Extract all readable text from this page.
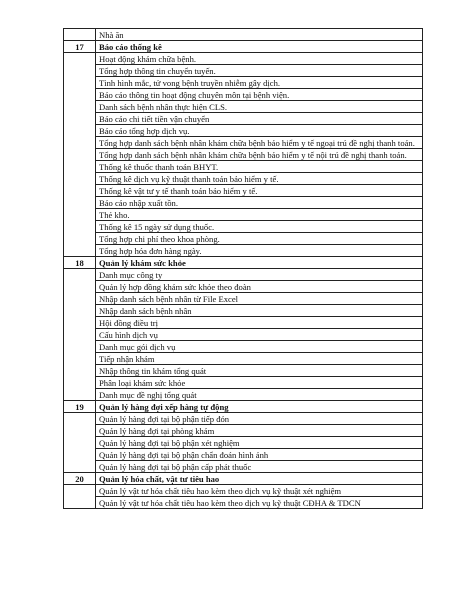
	Nhà ăn
17	Báo cáo thống kê
	Hoạt động khám chữa bệnh.
	Tổng hợp thông tin chuyển tuyến.
	Tình hình mắc, tử vong bệnh truyền nhiễm gây dịch.
	Báo cáo thông tin hoạt động chuyên môn tại bệnh viện.
	Danh sách bệnh nhân thực hiện CLS.
	Báo cáo chi tiết tiền vận chuyển
	Báo cáo tổng hợp dịch vụ.
	Tổng hợp danh sách bệnh nhân khám chữa bệnh bảo hiểm y tế ngoại trú đề nghị thanh toán.
	Tổng hợp danh sách bệnh nhân khám chữa bệnh bảo hiểm y tế nội trú đề nghị thanh toán.
	Thống kê thuốc thanh toán BHYT.
	Thống kê dịch vụ kỹ thuật thanh toán bảo hiểm y tế.
	Thống kê vật tư y tế thanh toán bảo hiểm y tế.
	Báo cáo nhập xuất tồn.
	Thẻ kho.
	Thống kê 15 ngày sử dụng thuốc.
	Tổng hợp chi phí theo khoa phòng.
	Tổng hợp hóa đơn hàng ngày.
18	Quản lý khám sức khỏe
	Danh mục công ty
	Quản lý hợp đồng khám sức khỏe theo đoàn
	Nhập danh sách bệnh nhân từ File Excel
	Nhập danh sách bệnh nhân
	Hội đồng điều trị
	Cấu hình dịch vụ
	Danh mục gói dịch vụ
	Tiếp nhận khám
	Nhập thông tin khám tổng quát
	Phân loại khám sức khỏe
	Danh mục đề nghị tổng quát
19	Quản lý hàng đợi xếp hàng tự động
	Quản lý hàng đợi tại bộ phận tiếp đón
	Quản lý hàng đợi tại phòng khám
	Quản lý hàng đợi tại bộ phận xét nghiệm
	Quản lý hàng đợi tại bộ phận chẩn đoán hình ảnh
	Quản lý hàng đợi tại bộ phận cấp phát thuốc
20	Quản lý hóa chất, vật tư tiêu hao
	Quản lý vật tư hóa chất tiêu hao kèm theo dịch vụ kỹ thuật xét nghiệm
	Quản lý vật tư hóa chất tiêu hao kèm theo dịch vụ kỹ thuật CĐHA & TDCN
